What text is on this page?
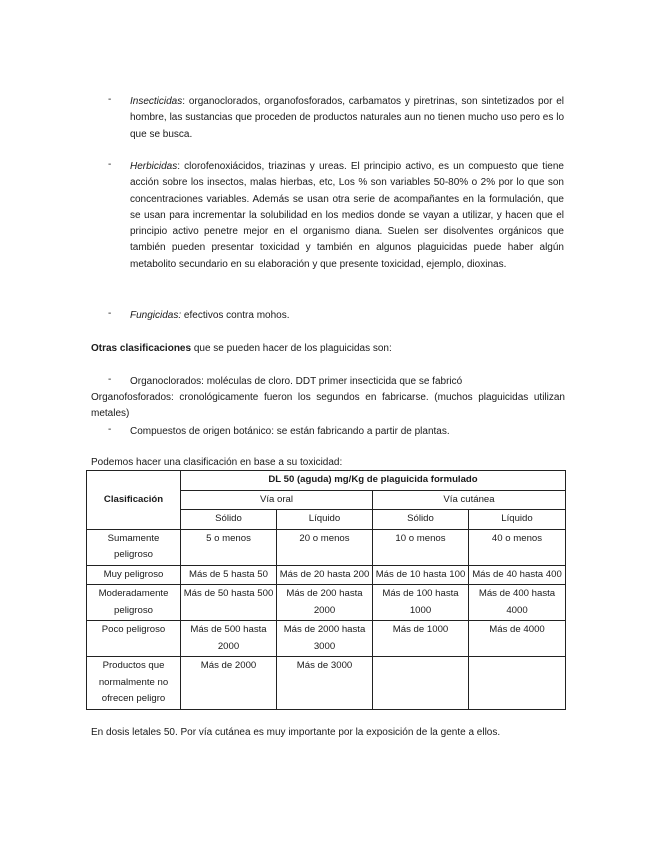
-	Insecticidas: organoclorados, organofosforados, carbamatos y piretrinas, son sintetizados por el hombre, las sustancias que proceden de productos naturales aun no tienen mucho uso pero es lo que se busca.
-	Herbicidas: clorofenoxiácidos, triazinas y ureas. El principio activo, es un compuesto que tiene acción sobre los insectos, malas hierbas, etc, Los % son variables 50-80% o 2% por lo que son concentraciones variables. Además se usan otra serie de acompañantes en la formulación, que se usan para incrementar la solubilidad en los medios donde se vayan a utilizar, y hacen que el principio activo penetre mejor en el organismo diana. Suelen ser disolventes orgánicos que también pueden presentar toxicidad y también en algunos plaguicidas puede haber algún metabolito secundario en su elaboración y que presente toxicidad, ejemplo, dioxinas.
-	Fungicidas: efectivos contra mohos.
Otras clasificaciones que se pueden hacer de los plaguicidas son:
-	Organoclorados: moléculas de cloro. DDT primer insecticida que se fabricó
Organofosforados: cronológicamente fueron los segundos en fabricarse. (muchos plaguicidas utilizan metales)
-	Compuestos de origen botánico: se están fabricando a partir de plantas.
Podemos hacer una clasificación en base a su toxicidad:
Clasificación	DL 50 (aguda) mg/Kg de plaguicida formulado			
	Vía oral		Vía cutánea	
	Sólido	Líquido	Sólido	Líquido
Sumamente peligroso	5 o menos	20 o menos	10 o menos	40 o menos
Muy peligroso	Más de 5 hasta 50	Más de 20 hasta 200	Más de 10 hasta 100	Más de 40 hasta 400
Moderadamente peligroso	Más de 50 hasta 500	Más de 200 hasta 2000	Más de 100 hasta 1000	Más de 400 hasta 4000
Poco peligroso	Más de 500 hasta 2000	Más de 2000 hasta 3000	Más de 1000	Más de 4000
Productos que normalmente no ofrecen peligro	Más de 2000	Más de 3000		
En dosis letales 50. Por vía cutánea es muy importante por la exposición de la gente a ellos.
